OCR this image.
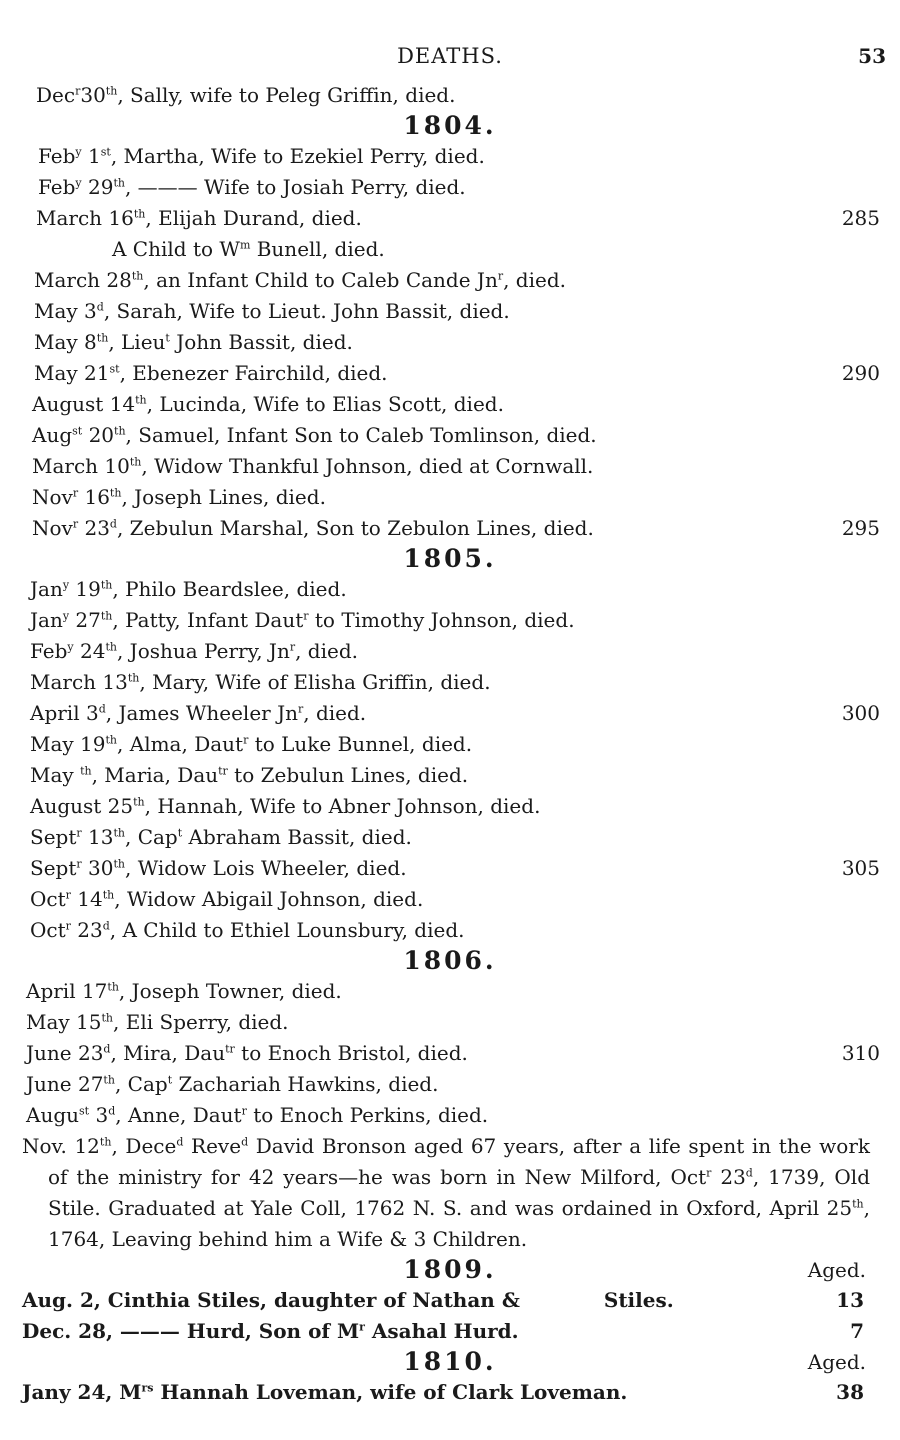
DEATHS.	53
Dec$^r$30th, Sally, wife to Peleg Griffin, died.
1804.
Feb$^y$ 1st, Martha, Wife to Ezekiel Perry, died.
Feb$^y$ 29th, ——— Wife to Josiah Perry, died.
March 16th, Elijah Durand, died.	285
A Child to $W^m$ Bunell, died.
March 28th, an Infant Child to Caleb Cande Jn$^r$, died.
May 3$^d$, Sarah, Wife to Lieut. John Bassit, died.
May 8th, Lieu$^t$ John Bassit, died.
May 21st, Ebenezer Fairchild, died.	290
August 14th, Lucinda, Wife to Elias Scott, died.
Aug$^{st}$ 20th, Samuel, Infant Son to Caleb Tomlinson, died.
March 10th, Widow Thankful Johnson, died at Cornwall.
Nov$^r$ 16th, Joseph Lines, died.
Nov$^r$ 23$^d$, Zebulun Marshal, Son to Zebulon Lines, died.	295
1805.
Jan$^y$ 19th, Philo Beardslee, died.
Jan$^y$ 27th, Patty, Infant Daut$^r$ to Timothy Johnson, died.
Feb$^y$ 24th, Joshua Perry, Jn$^r$, died.
March 13th, Mary, Wife of Elisha Griffin, died.
April 3$^d$, James Wheeler Jn$^r$, died.	300
May 19th, Alma, Daut$^r$ to Luke Bunnel, died.
May $^{th}$, Maria, Dau$^{tr}$ to Zebulun Lines, died.
August 25th, Hannah, Wife to Abner Johnson, died.
Sept$^r$ 13th, Cap$^t$ Abraham Bassit, died.
Sept$^r$ 30th, Widow Lois Wheeler, died.	305
Oct$^r$ 14th, Widow Abigail Johnson, died.
Oct$^r$ 23$^d$, A Child to Ethiel Lounsbury, died.
1806.
April 17th, Joseph Towner, died.
May 15th, Eli Sperry, died.
June 23$^d$, Mira, Dau$^{tr}$ to Enoch Bristol, died.	310
June 27th, Cap$^t$ Zachariah Hawkins, died.
Augu$^{st}$ 3$^d$, Anne, Daut$^r$ to Enoch Perkins, died.
Nov. 12th, Dece$^d$ Reve$^d$ David Bronson aged 67 years, after a life spent in the work of the ministry for 42 years—he was born in New Milford, Oct$^r$ 23$^d$, 1739, Old Stile. Graduated at Yale Coll, 1762 N. S. and was ordained in Oxford, April 25th, 1764, Leaving behind him a Wife & 3 Children.
1809.	Aged.
Aug. 2, Cinthia Stiles, daughter of Nathan &	Stiles.	13
Dec. 28, ——— Hurd, Son of $M^r$ Asahal Hurd.	7
1810.	Aged.
Jany 24, $M^{rs}$ Hannah Loveman, wife of Clark Loveman.	38
